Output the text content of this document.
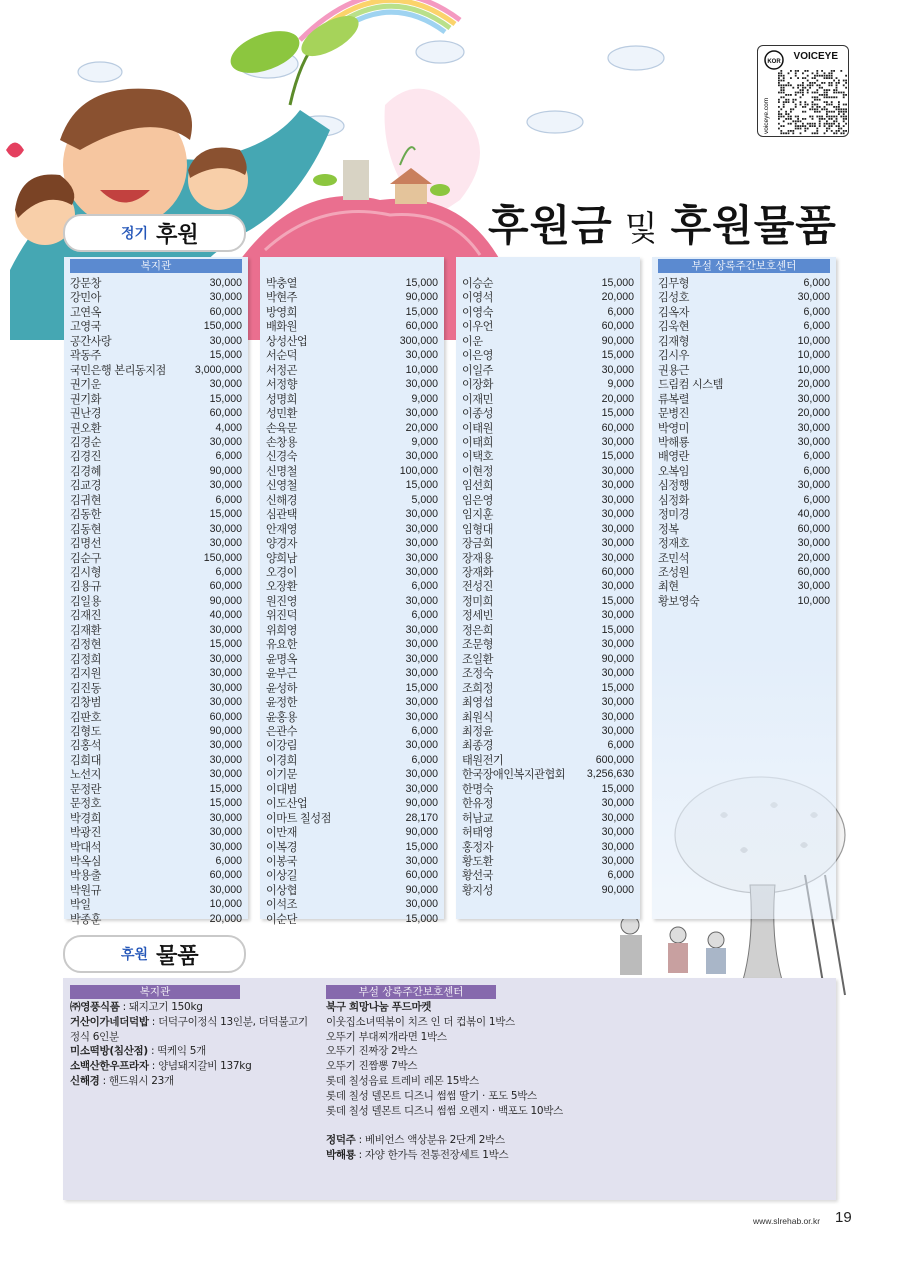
VOICEYE
KOR
voiceye.com
후원금 및 후원물품
정기 후원
복지관
강문창	30,000
강민아	30,000
고연옥	60,000
고영국	150,000
공간사랑	30,000
곽동주	15,000
국민은행 본리동지점	3,000,000
권기운	30,000
권기화	15,000
권난경	60,000
권오환	4,000
김경순	30,000
김경진	6,000
김경혜	90,000
김교경	30,000
김귀현	6,000
김동한	15,000
김동현	30,000
김명선	30,000
김순구	150,000
김시형	6,000
김용규	60,000
김일용	90,000
김재진	40,000
김재환	30,000
김정현	15,000
김정희	30,000
김지원	30,000
김진동	30,000
김창범	30,000
김판호	60,000
김형도	90,000
김홍석	30,000
김희대	30,000
노선지	30,000
문정란	15,000
문정호	15,000
박경희	30,000
박광진	30,000
박대석	30,000
박옥심	6,000
박용출	60,000
박원규	30,000
박일	10,000
박종훈	20,000
박충열	15,000
박현주	90,000
방영희	15,000
배화원	60,000
상성산업	300,000
서순덕	30,000
서정곤	10,000
서정향	30,000
성명희	9,000
성민환	30,000
손육문	20,000
손창용	9,000
신경숙	30,000
신명철	100,000
신영철	15,000
신해경	5,000
심관택	30,000
안재영	30,000
양경자	30,000
양희남	30,000
오경이	30,000
오장환	6,000
원진영	30,000
위진덕	6,000
위희영	30,000
유요한	30,000
윤명옥	30,000
윤부근	30,000
윤성하	15,000
윤정한	30,000
윤홍용	30,000
은관수	6,000
이강림	30,000
이경희	6,000
이기문	30,000
이대범	30,000
이도산업	90,000
이마트 칠성점	28,170
이만재	90,000
이복경	15,000
이봉국	30,000
이상길	60,000
이상협	90,000
이석조	30,000
이순단	15,000
이승순	15,000
이영석	20,000
이영숙	6,000
이우언	60,000
이운	90,000
이은영	15,000
이일주	30,000
이장화	9,000
이재민	20,000
이종성	15,000
이태원	60,000
이태희	30,000
이택호	15,000
이현정	30,000
임선희	30,000
임은영	30,000
임지훈	30,000
임형대	30,000
장금희	30,000
장재용	30,000
장재화	60,000
전성진	30,000
정미희	15,000
정세빈	30,000
정은희	15,000
조문형	30,000
조일환	90,000
조정숙	30,000
조희정	15,000
최영섭	30,000
최원식	30,000
최정윤	30,000
최종경	6,000
태원전기	600,000
한국장애인복지관협회 3,256,630
한명숙	15,000
한유정	30,000
허남교	30,000
허태영	30,000
홍정자	30,000
황도환	30,000
황선국	6,000
황지성	90,000
부설 상록주간보호센터
김무형	6,000
김성호	30,000
김옥자	6,000
김욱현	6,000
김재형	10,000
김시우	10,000
권용근	10,000
드림컴 시스템	20,000
류복렬	30,000
문병진	20,000
박영미	30,000
박해룡	30,000
배영란	6,000
오복임	6,000
심정행	30,000
심정화	6,000
정미경	40,000
정복	60,000
정재호	30,000
조민석	20,000
조성원	60,000
최현	30,000
황보영숙	10,000
후원 물품
복지관	부설 상록주간보호센터
㈜영풍식품 : 돼지고기 150kg
거산이가네더덕밥 : 더덕구이정식 13인분, 더덕불고기
정식 6인분
미소떡방(침산점) : 떡케익 5개
소백산한우프라자 : 양념돼지갈비 137kg
신해경 : 핸드워시 23개
북구 희망나눔 푸드마켓
이웃집소녀떡볶이 치즈 인 더 컵볶이 1박스
오뚜기 부대찌개라면 1박스
오뚜기 진짜장 2박스
오뚜기 진짬뽕 7박스
롯데 칠성음료 트레비 레몬 15박스
롯데 칠성 델몬트 디즈니 썸썸 딸기 · 포도 5박스
롯데 칠성 델몬트 디즈니 썸썸 오렌지 · 백포도 10박스
정덕주 : 베비언스 액상분유 2단계 2박스
박해룡 : 자양 한가득 전통전장세트 1박스
www.slrehab.or.kr 19
